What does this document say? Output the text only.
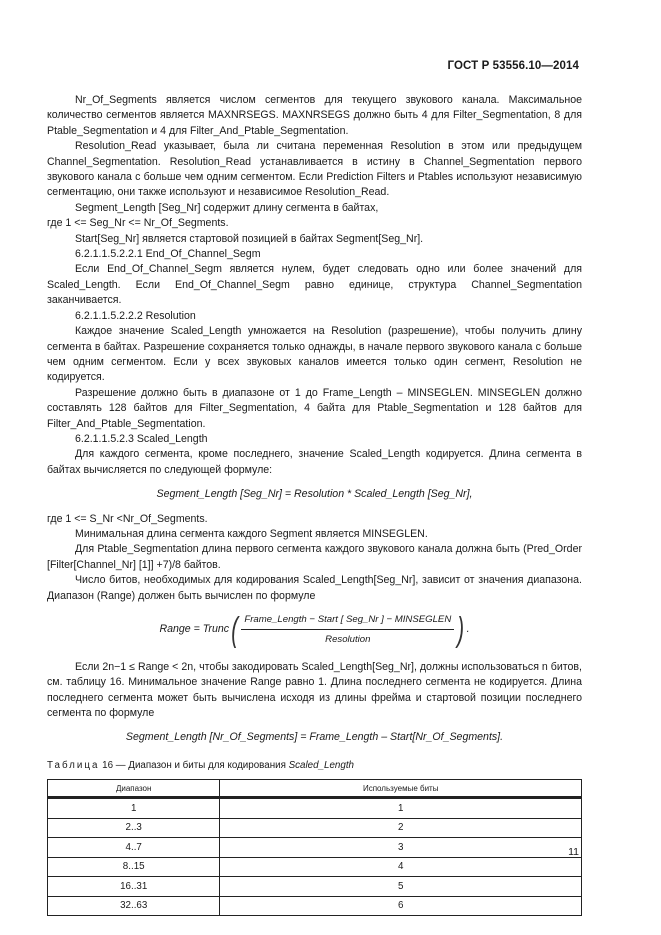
ГОСТ Р 53556.10—2014

Nr_Of_Segments является числом сегментов для текущего звукового канала. Максимальное количество сегментов является MAXNRSEGS. MAXNRSEGS должно быть 4 для Filter_Segmentation, 8 для Ptable_Segmentation и 4 для Filter_And_Ptable_Segmentation.

Resolution_Read указывает, была ли считана переменная Resolution в этом или предыдущем Channel_Segmentation. Resolution_Read устанавливается в истину в Channel_Segmentation первого звукового канала с больше чем одним сегментом. Если Prediction Filters и Ptables используют независимую сегментацию, они также используют и независимое Resolution_Read.

Segment_Length [Seg_Nr] содержит длину сегмента в байтах,

где 1 <= Seg_Nr <= Nr_Of_Segments.

Start[Seg_Nr] является стартовой позицией в байтах Segment[Seg_Nr].

6.2.1.1.5.2.2.1 End_Of_Channel_Segm

Если End_Of_Channel_Segm является нулем, будет следовать одно или более значений для Scaled_Length. Если End_Of_Channel_Segm равно единице, структура Channel_Segmentation заканчивается.

6.2.1.1.5.2.2.2 Resolution

Каждое значение Scaled_Length умножается на Resolution (разрешение), чтобы получить длину сегмента в байтах. Разрешение сохраняется только однажды, в начале первого звукового канала с больше чем одним сегментом. Если у всех звуковых каналов имеется только один сегмент, Resolution не кодируется.

Разрешение должно быть в диапазоне от 1 до Frame_Length – MINSEGLEN. MINSEGLEN должно составлять 128 байтов для Filter_Segmentation, 4 байта для Ptable_Segmentation и 128 байтов для Filter_And_Ptable_Segmentation.

6.2.1.1.5.2.3 Scaled_Length

Для каждого сегмента, кроме последнего, значение Scaled_Length кодируется. Длина сегмента в байтах вычисляется по следующей формуле:

Segment_Length [Seg_Nr] = Resolution * Scaled_Length [Seg_Nr],

где 1 <= S_Nr <Nr_Of_Segments.

Минимальная длина сегмента каждого Segment является MINSEGLEN.

Для Ptable_Segmentation длина первого сегмента каждого звукового канала должна быть (Pred_Order [Filter[Channel_Nr] [1]] +7)/8 байтов.

Число битов, необходимых для кодирования Scaled_Length[Seg_Nr], зависит от значения диапазона. Диапазон (Range) должен быть вычислен по формуле

Range = Trunc ( $\frac{\text{Frame\_Length − Start [ Seg\_Nr ] − MINSEGLEN}}{\text{Resolution}}$ ) .

Если 2n−1 ≤ Range < 2n, чтобы закодировать Scaled_Length[Seg_Nr], должны использоваться n битов, см. таблицу 16. Минимальное значение Range равно 1. Длина последнего сегмента не кодируется. Длина последнего сегмента может быть вычислена исходя из длины фрейма и стартовой позиции последнего сегмента по формуле

Segment_Length [Nr_Of_Segments] = Frame_Length – Start[Nr_Of_Segments].

Таблица 16 — Диапазон и биты для кодирования Scaled_Length
Диапазон	Используемые биты
1	1
2..3	2
4..7	3
8..15	4
16..31	5
32..63	6
11
